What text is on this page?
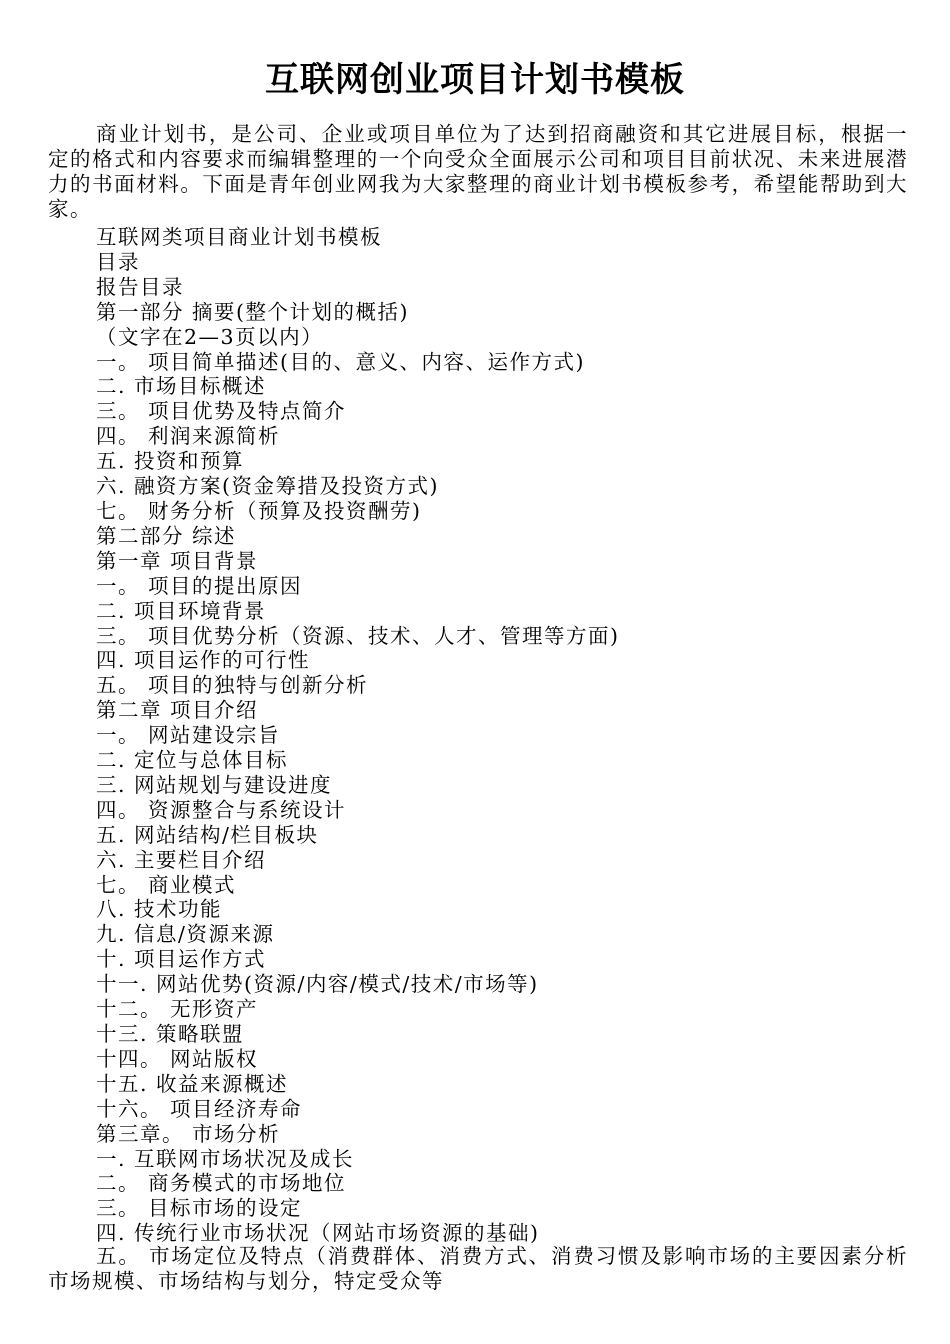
互联网创业项目计划书模板

商业计划书，是公司、企业或项目单位为了达到招商融资和其它进展目标，根据一定的格式和内容要求而编辑整理的一个向受众全面展示公司和项目目前状况、未来进展潜力的书面材料。下面是青年创业网我为大家整理的商业计划书模板参考，希望能帮助到大家。

互联网类项目商业计划书模板
目录
报告目录
第一部分 摘要(整个计划的概括)
（文字在2—3页以内）
一。 项目简单描述(目的、意义、内容、运作方式)
二. 市场目标概述
三。 项目优势及特点简介
四。 利润来源简析
五. 投资和预算
六. 融资方案(资金筹措及投资方式)
七。 财务分析（预算及投资酬劳)
第二部分 综述
第一章 项目背景
一。 项目的提出原因
二. 项目环境背景
三。 项目优势分析（资源、技术、人才、管理等方面)
四. 项目运作的可行性
五。 项目的独特与创新分析
第二章 项目介绍
一。 网站建设宗旨
二. 定位与总体目标
三. 网站规划与建设进度
四。 资源整合与系统设计
五. 网站结构/栏目板块
六. 主要栏目介绍
七。 商业模式
八. 技术功能
九. 信息/资源来源
十. 项目运作方式
十一. 网站优势(资源/内容/模式/技术/市场等)
十二。 无形资产
十三. 策略联盟
十四。 网站版权
十五. 收益来源概述
十六。 项目经济寿命
第三章。 市场分析
一. 互联网市场状况及成长
二。 商务模式的市场地位
三。 目标市场的设定
四. 传统行业市场状况（网站市场资源的基础)

五。 市场定位及特点（消费群体、消费方式、消费习惯及影响市场的主要因素分析市场规模、市场结构与划分，特定受众等
